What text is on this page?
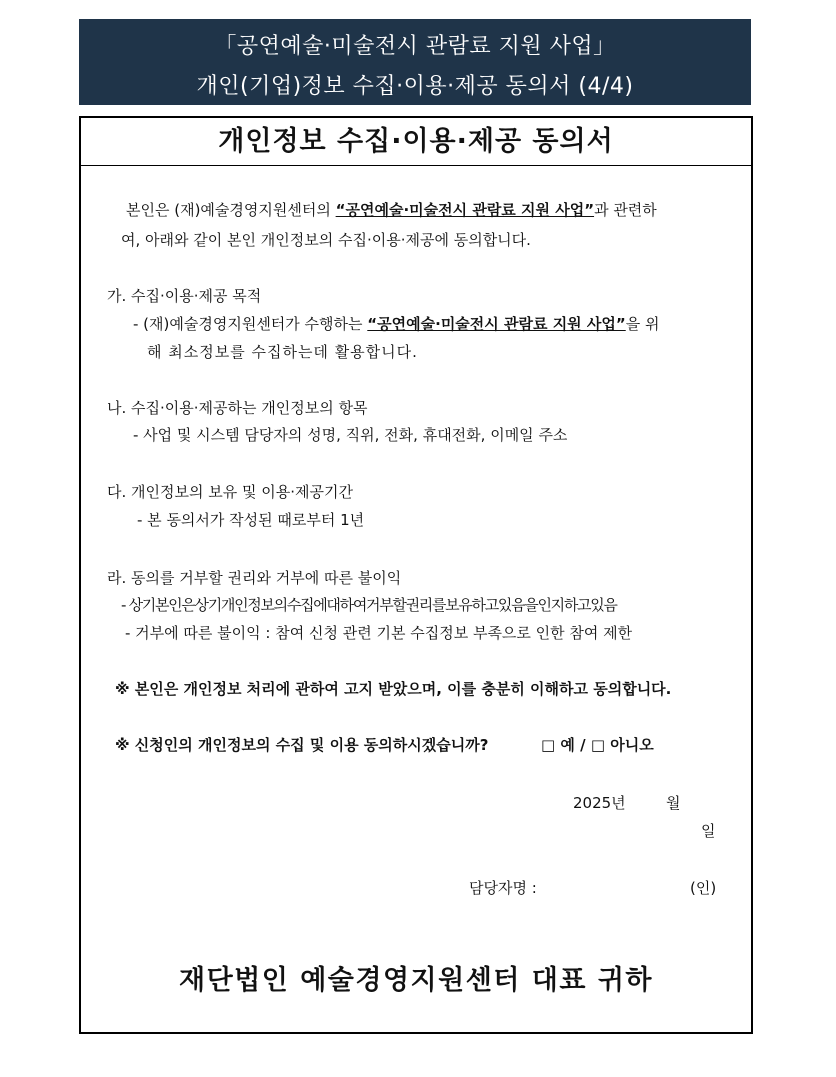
「공연예술·미술전시 관람료 지원 사업」
개인(기업)정보 수집·이용·제공 동의서 (4/4)
개인정보 수집·이용·제공 동의서
본인은 (재)예술경영지원센터의 “공연예술·미술전시 관람료 지원 사업”과 관련하
여, 아래와 같이 본인 개인정보의 수집·이용·제공에 동의합니다.
가. 수집·이용·제공 목적
- (재)예술경영지원센터가 수행하는 “공연예술·미술전시 관람료 지원 사업”을 위
해 최소정보를 수집하는데 활용합니다.
나. 수집·이용·제공하는 개인정보의 항목
- 사업 및 시스템 담당자의 성명, 직위, 전화, 휴대전화, 이메일 주소
다. 개인정보의 보유 및 이용·제공기간
- 본 동의서가 작성된 때로부터 1년
라. 동의를 거부할 권리와 거부에 따른 불이익
- 상기본인은상기개인정보의수집에대하여거부할권리를보유하고있음을인지하고있음
- 거부에 따른 불이익 : 참여 신청 관련 기본 수집정보 부족으로 인한 참여 제한
※ 본인은 개인정보 처리에 관하여 고지 받았으며, 이를 충분히 이해하고 동의합니다.
※ 신청인의 개인정보의 수집 및 이용 동의하시겠습니까?	□ 예 / □ 아니오
2025년	월
일
담당자명 :	(인)
재단법인 예술경영지원센터 대표 귀하
